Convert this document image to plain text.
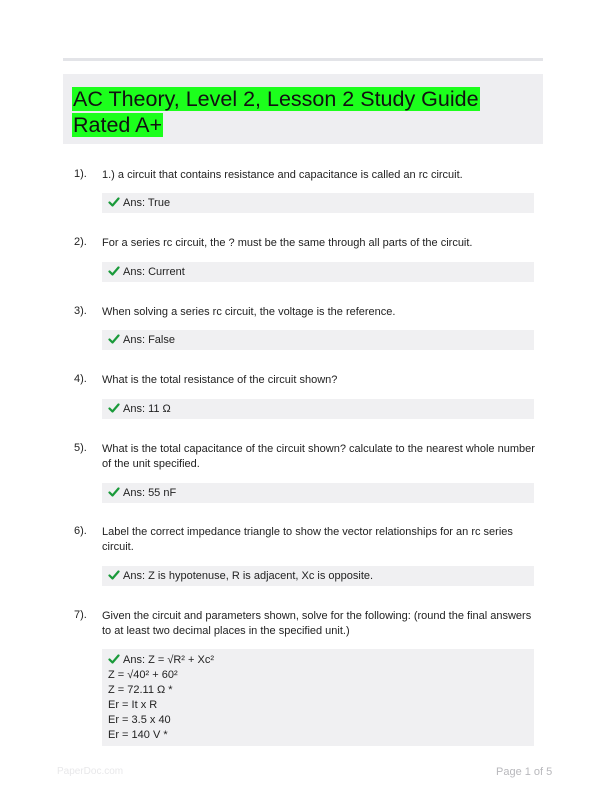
AC Theory, Level 2, Lesson 2 Study Guide Rated A+
1). 1.) a circuit that contains resistance and capacitance is called an rc circuit.
Ans: True
2). For a series rc circuit, the ? must be the same through all parts of the circuit.
Ans: Current
3). When solving a series rc circuit, the voltage is the reference.
Ans: False
4). What is the total resistance of the circuit shown?
Ans: 11 Ω
5). What is the total capacitance of the circuit shown? calculate to the nearest whole number of the unit specified.
Ans: 55 nF
6). Label the correct impedance triangle to show the vector relationships for an rc series circuit.
Ans: Z is hypotenuse, R is adjacent, Xc is opposite.
7). Given the circuit and parameters shown, solve for the following: (round the final answers to at least two decimal places in the specified unit.)
Ans: Z = √R² + Xc²
Z = √40² + 60²
Z = 72.11 Ω *
Er = It x R
Er = 3.5 x 40
Er = 140 V *
PaperDoc.com	Page 1 of 5
